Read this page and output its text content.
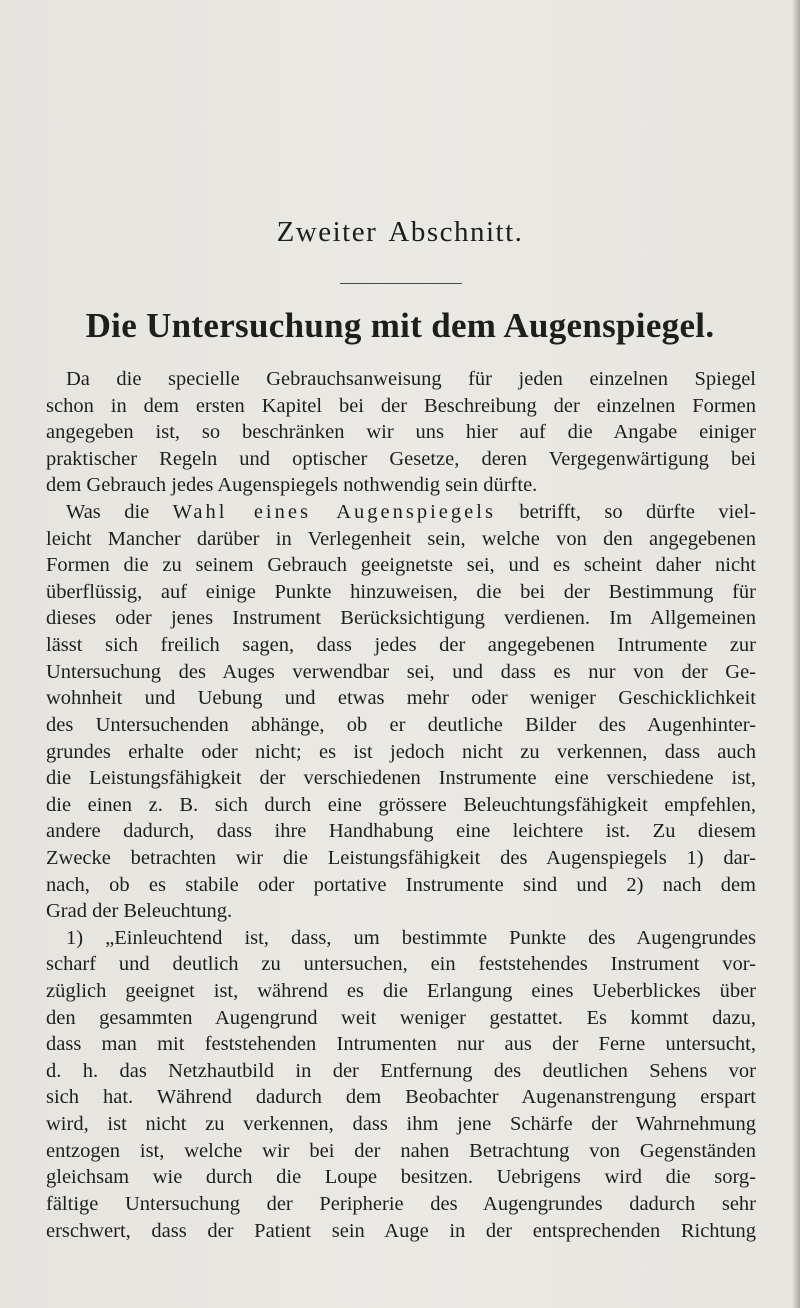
Zweiter Abschnitt.
Die Untersuchung mit dem Augenspiegel.
Da die specielle Gebrauchsanweisung für jeden einzelnen Spiegel
schon in dem ersten Kapitel bei der Beschreibung der einzelnen Formen
angegeben ist, so beschränken wir uns hier auf die Angabe einiger
praktischer Regeln und optischer Gesetze, deren Vergegenwärtigung bei
dem Gebrauch jedes Augenspiegels nothwendig sein dürfte.
Was die Wahl eines Augenspiegels betrifft, so dürfte viel-
leicht Mancher darüber in Verlegenheit sein, welche von den angegebenen
Formen die zu seinem Gebrauch geeignetste sei, und es scheint daher nicht
überflüssig, auf einige Punkte hinzuweisen, die bei der Bestimmung für
dieses oder jenes Instrument Berücksichtigung verdienen. Im Allgemeinen
lässt sich freilich sagen, dass jedes der angegebenen Intrumente zur
Untersuchung des Auges verwendbar sei, und dass es nur von der Ge-
wohnheit und Uebung und etwas mehr oder weniger Geschicklichkeit
des Untersuchenden abhänge, ob er deutliche Bilder des Augenhinter-
grundes erhalte oder nicht; es ist jedoch nicht zu verkennen, dass auch
die Leistungsfähigkeit der verschiedenen Instrumente eine verschiedene ist,
die einen z. B. sich durch eine grössere Beleuchtungsfähigkeit empfehlen,
andere dadurch, dass ihre Handhabung eine leichtere ist. Zu diesem
Zwecke betrachten wir die Leistungsfähigkeit des Augenspiegels 1) dar-
nach, ob es stabile oder portative Instrumente sind und 2) nach dem
Grad der Beleuchtung.
1) „Einleuchtend ist, dass, um bestimmte Punkte des Augengrundes
scharf und deutlich zu untersuchen, ein feststehendes Instrument vor-
züglich geeignet ist, während es die Erlangung eines Ueberblickes über
den gesammten Augengrund weit weniger gestattet. Es kommt dazu,
dass man mit feststehenden Intrumenten nur aus der Ferne untersucht,
d. h. das Netzhautbild in der Entfernung des deutlichen Sehens vor
sich hat. Während dadurch dem Beobachter Augenanstrengung erspart
wird, ist nicht zu verkennen, dass ihm jene Schärfe der Wahrnehmung
entzogen ist, welche wir bei der nahen Betrachtung von Gegenständen
gleichsam wie durch die Loupe besitzen. Uebrigens wird die sorg-
fältige Untersuchung der Peripherie des Augengrundes dadurch sehr
erschwert, dass der Patient sein Auge in der entsprechenden Richtung
